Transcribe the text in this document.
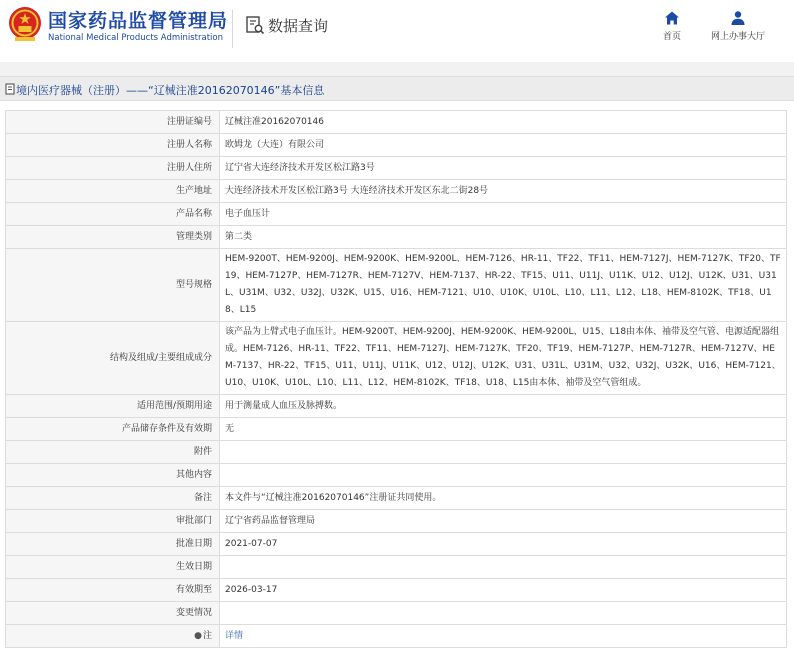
国家药品监督管理局
National Medical Products Administration
数据查询
首页	网上办事大厅
境内医疗器械（注册）——“辽械注准20162070146”基本信息
注册证编号	辽械注准20162070146
注册人名称	欧姆龙（大连）有限公司
注册人住所	辽宁省大连经济技术开发区松江路3号
生产地址	大连经济技术开发区松江路3号 大连经济技术开发区东北二街28号
产品名称	电子血压计
管理类别	第二类
型号规格	HEM-9200T、HEM-9200J、HEM-9200K、HEM-9200L、HEM-7126、HR-11、TF22、TF11、HEM-7127J、HEM-7127K、TF20、TF19、HEM-7127P、HEM-7127R、HEM-7127V、HEM-7137、HR-22、TF15、U11、U11J、U11K、U12、U12J、U12K、U31、U31L、U31M、U32、U32J、U32K、U15、U16、HEM-7121、U10、U10K、U10L、L10、L11、L12、L18、HEM-8102K、TF18、U18、L15
结构及组成/主要组成成分	该产品为上臂式电子血压计。HEM-9200T、HEM-9200J、HEM-9200K、HEM-9200L、U15、L18由本体、袖带及空气管、电源适配器组成。HEM-7126、HR-11、TF22、TF11、HEM-7127J、HEM-7127K、TF20、TF19、HEM-7127P、HEM-7127R、HEM-7127V、HEM-7137、HR-22、TF15、U11、U11J、U11K、U12、U12J、U12K、U31、U31L、U31M、U32、U32J、U32K、U16、HEM-7121、U10、U10K、U10L、L10、L11、L12、HEM-8102K、TF18、U18、L15由本体、袖带及空气管组成。
适用范围/预期用途	用于测量成人血压及脉搏数。
产品储存条件及有效期	无
附件	
其他内容	
备注	本文件与“辽械注准20162070146”注册证共同使用。
审批部门	辽宁省药品监督管理局
批准日期	2021-07-07
生效日期	
有效期至	2026-03-17
变更情况	
●注	详情
